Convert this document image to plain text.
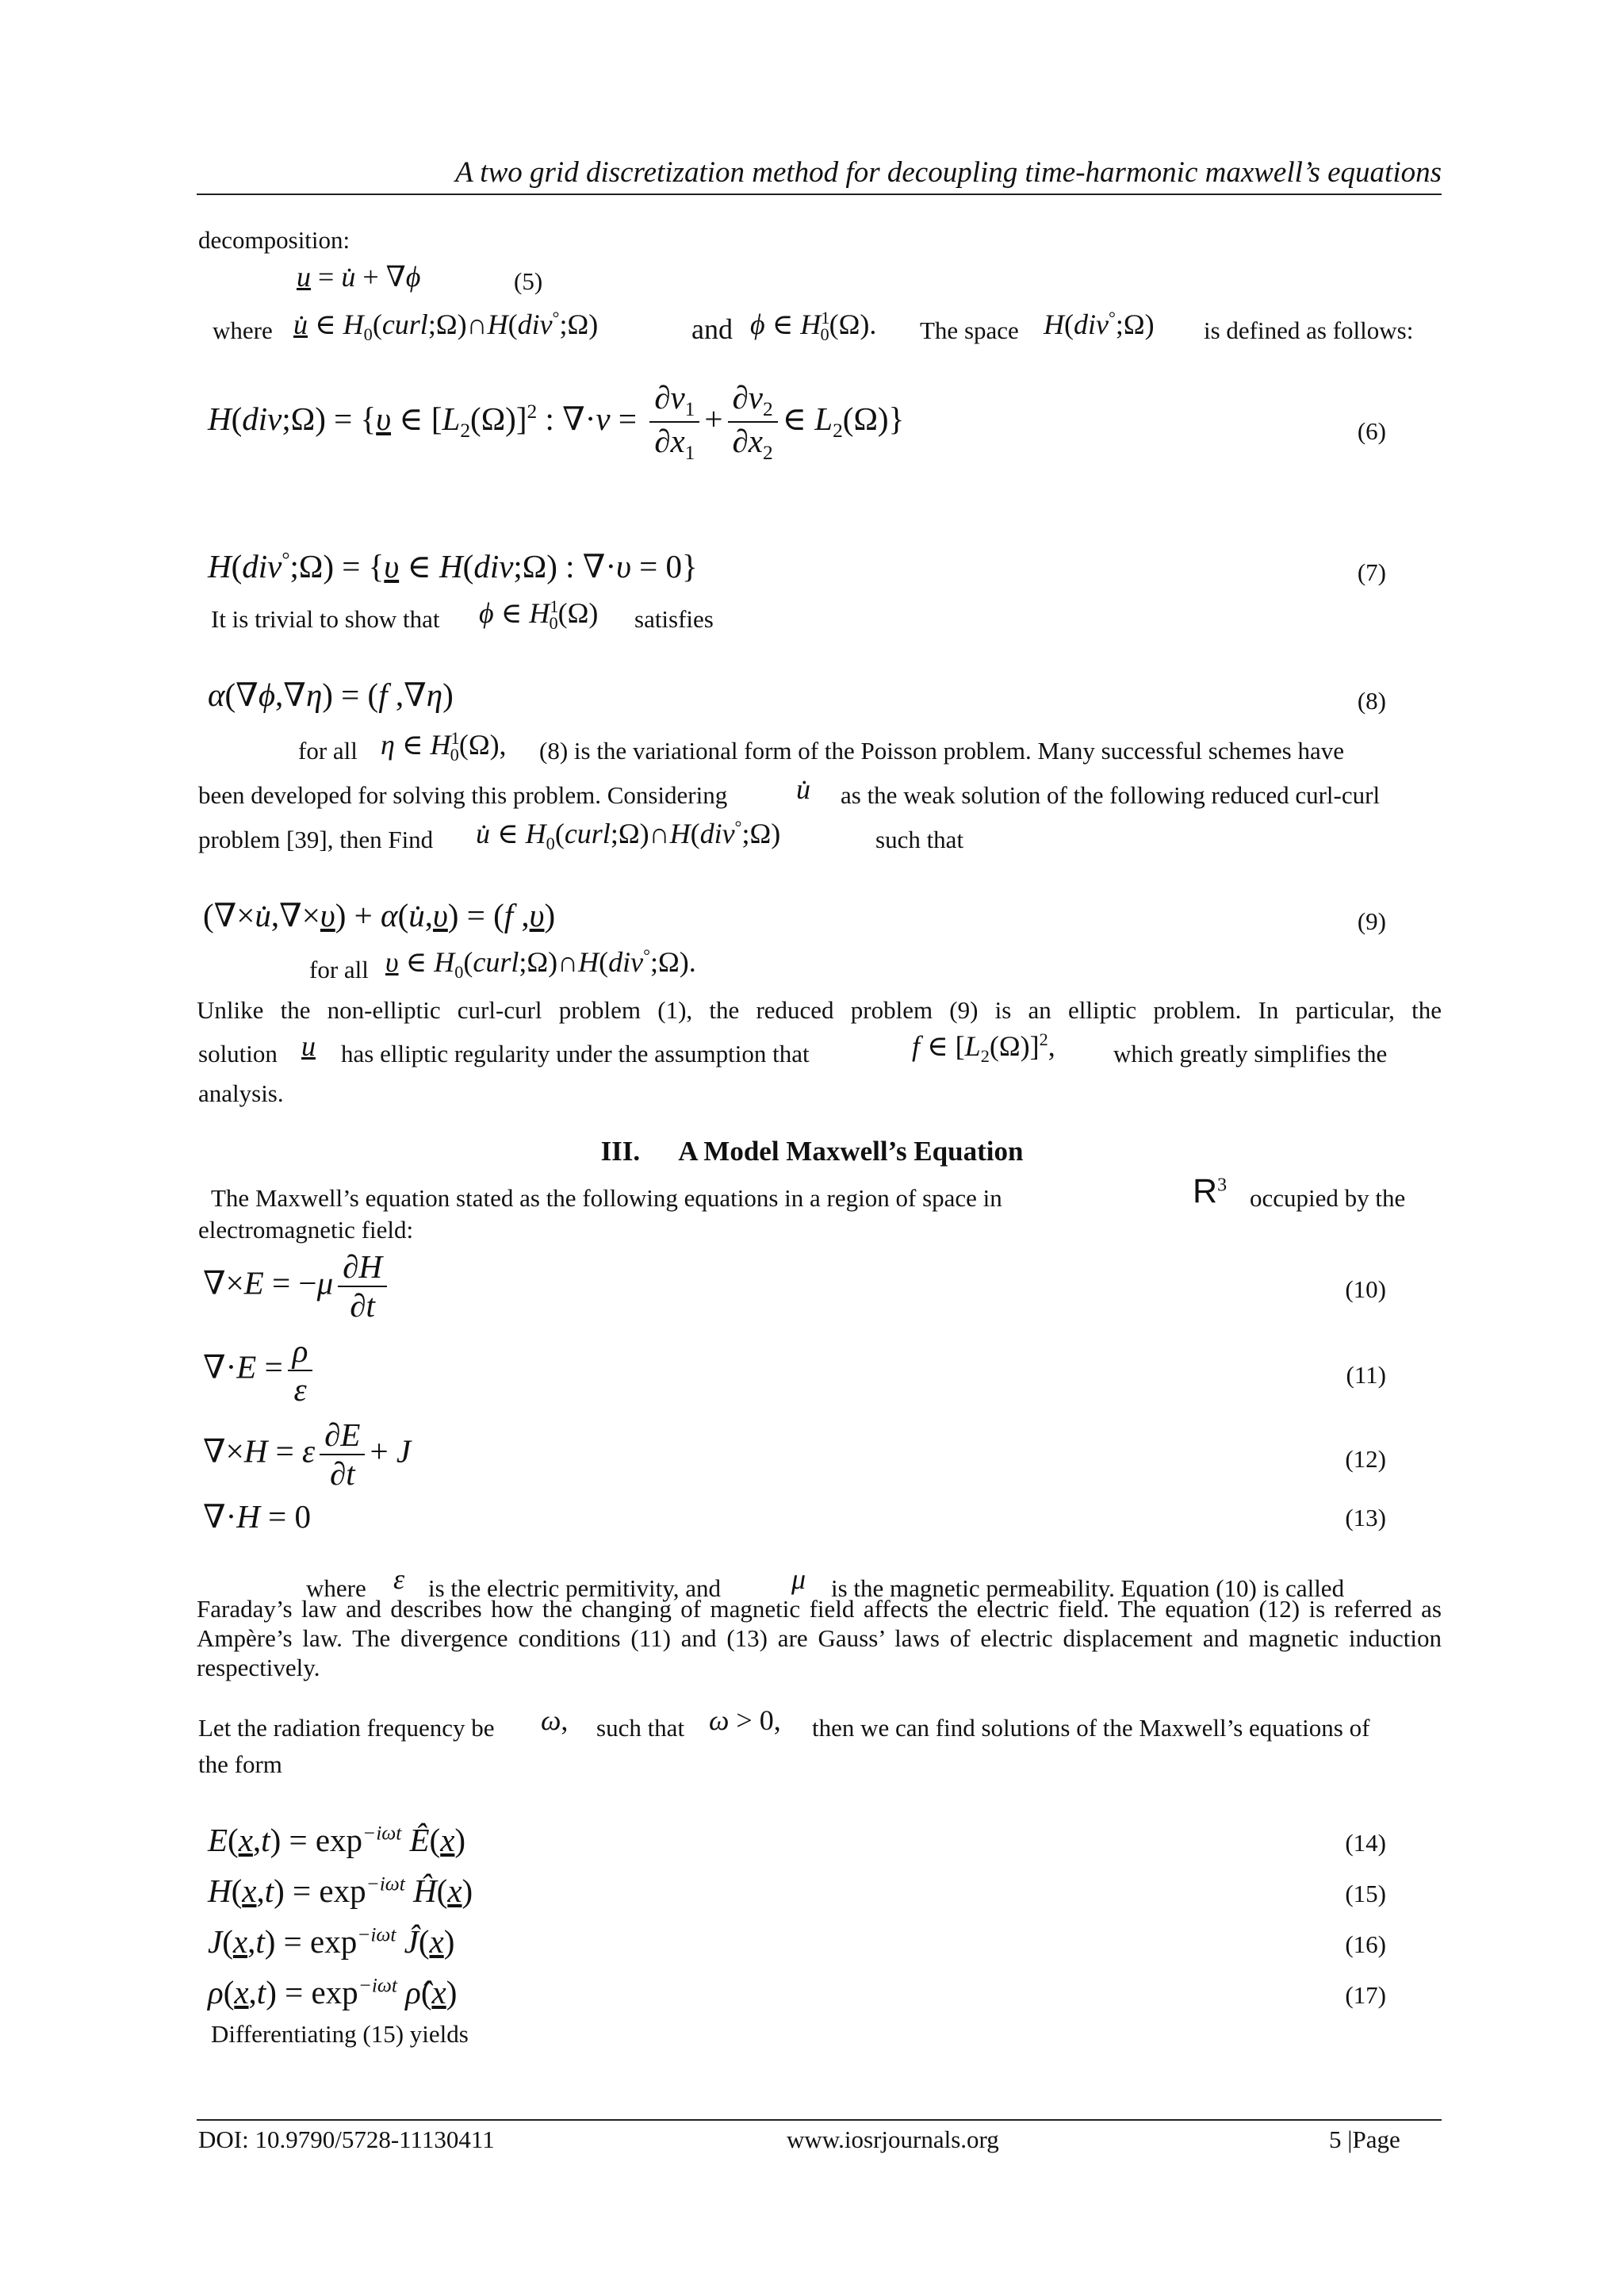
A two grid discretization method for decoupling time-harmonic maxwell’s equations
decomposition:
u = u̇ + ∇ϕ	(5)
where u̇ ∈ $H_0(curl;\Omega)\cap H(div^\circ;\Omega)$	and ϕ ∈ $H^1_0(\Omega)$. The space H(div°;Ω) is defined as follows:
H(div;Ω) = {υ ∈ $[L_2(\Omega)]^2$ : $\nabla\cdot\nu = \frac{\partial\nu_1}{\partial x_1} + \frac{\partial\nu_2}{\partial x_2}$ ∈ $L_2(\Omega)$}	(6)
H(div°;Ω) = {υ ∈ H(div;Ω) : ∇·υ = 0}	(7)
It is trivial to show that ϕ ∈ $H^1_0(\Omega)$ satisfies
α(∇ϕ,∇η) = (f ,∇η)	(8)
for all η ∈ $H^1_0(\Omega)$, (8) is the variational form of the Poisson problem. Many successful schemes have
been developed for solving this problem. Considering u̇ as the weak solution of the following reduced curl-curl
problem [39], then Find u̇ ∈ $H_0(curl;\Omega)\cap H(div^\circ;\Omega)$	such that
(∇×u̇,∇×υ) + α(u̇,υ) = (f ,υ)	(9)
for all υ ∈ $H_0(curl;\Omega)\cap H(div^\circ;\Omega)$.
Unlike the non-elliptic curl-curl problem (1), the reduced problem (9) is an elliptic problem. In particular, the
solution u has elliptic regularity under the assumption that	f ∈ $[L_2(\Omega)]^2$, which greatly simplifies the
analysis.
III. A Model Maxwell’s Equation
The Maxwell’s equation stated as the following equations in a region of space in	$R^3$ occupied by the
electromagnetic field:
$\nabla\times E = -\mu \frac{\partial H}{\partial t}$	(10)
$\nabla\cdot E = \frac{\rho}{\varepsilon}$	(11)
∇×H = ε $\frac{\partial E}{\partial t} + J$	(12)
∇·H = 0	(13)
where ε is the electric permitivity, and μ is the magnetic permeability. Equation (10) is called
Faraday’s law and describes how the changing of magnetic field affects the electric field. The equation (12) is referred as Ampère’s law. The divergence conditions (11) and (13) are Gauss’ laws of electric displacement and magnetic induction respectively.
Let the radiation frequency be ω, such that ω > 0, then we can find solutions of the Maxwell’s equations of
the form
$E(x,t) = \exp^{-i\omega t}$ Ê(x)	(14)
$H(x,t) = \exp^{-i\omega t}$ Ĥ(x)	(15)
$J(x,t) = \exp^{-i\omega t}$ Ĵ(x)	(16)
$\rho(x,t) = \exp^{-i\omega t}$ ρ̂(x)	(17)
Differentiating (15) yields
DOI: 10.9790/5728-11130411	www.iosrjournals.org	5 |Page
